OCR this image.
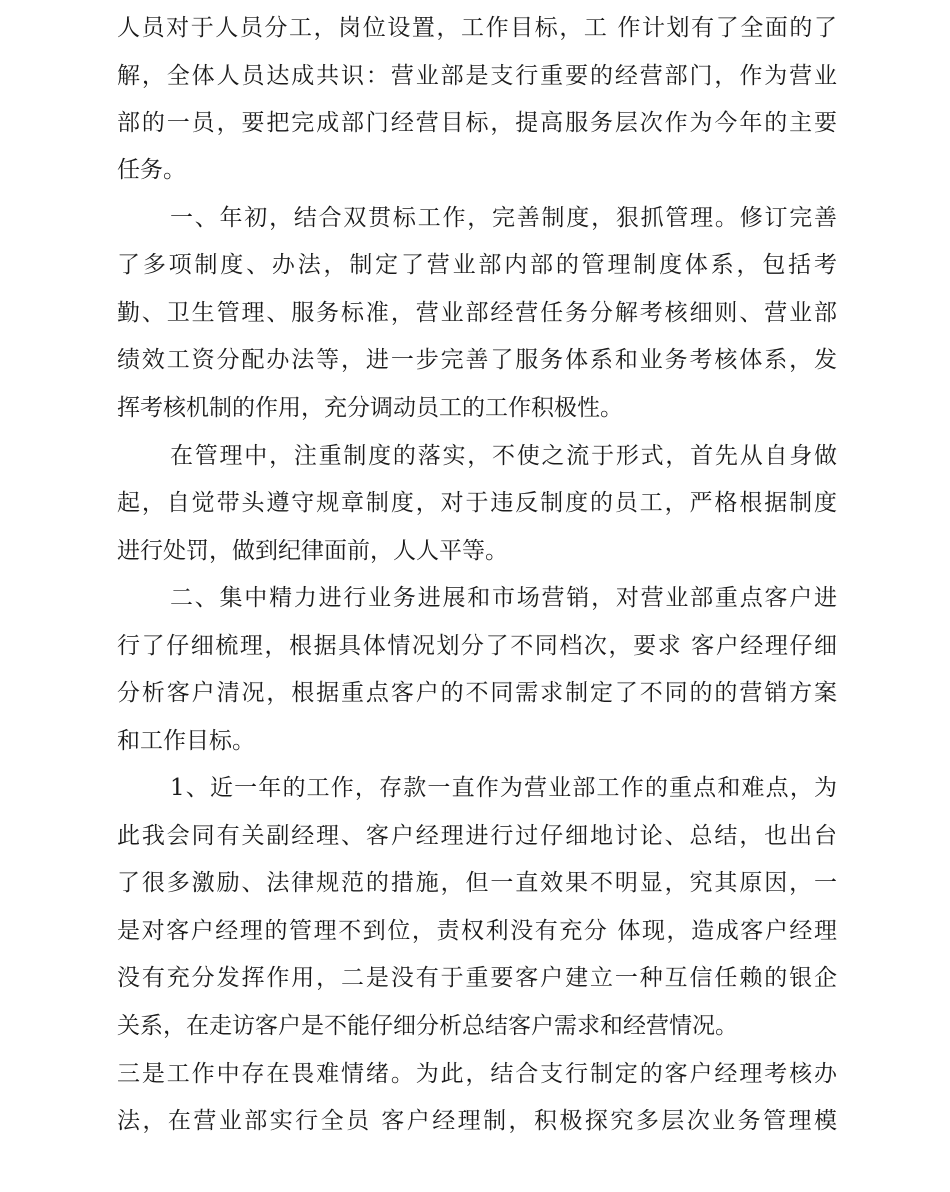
人员对于人员分工，岗位设置，工作目标，工 作计划有了全面的了
解，全体人员达成共识：营业部是支行重要的经营部门，作为营业
部的一员，要把完成部门经营目标，提高服务层次作为今年的主要
任务。
一、年初，结合双贯标工作，完善制度，狠抓管理。修订完善
了多项制度、办法，制定了营业部内部的管理制度体系，包括考
勤、卫生管理、服务标准，营业部经营任务分解考核细则、营业部
绩效工资分配办法等，进一步完善了服务体系和业务考核体系，发
挥考核机制的作用，充分调动员工的工作积极性。
在管理中，注重制度的落实，不使之流于形式，首先从自身做
起，自觉带头遵守规章制度，对于违反制度的员工，严格根据制度
进行处罚，做到纪律面前，人人平等。
二、集中精力进行业务进展和市场营销，对营业部重点客户进
行了仔细梳理，根据具体情况划分了不同档次，要求 客户经理仔细
分析客户清况，根据重点客户的不同需求制定了不同的的营销方案
和工作目标。
1、近一年的工作，存款一直作为营业部工作的重点和难点，为
此我会同有关副经理、客户经理进行过仔细地讨论、总结，也出台
了很多激励、法律规范的措施，但一直效果不明显，究其原因，一
是对客户经理的管理不到位，责权利没有充分 体现，造成客户经理
没有充分发挥作用，二是没有于重要客户建立一种互信任赖的银企
关系，在走访客户是不能仔细分析总结客户需求和经营情况。
三是工作中存在畏难情绪。为此，结合支行制定的客户经理考核办
法，在营业部实行全员 客户经理制，积极探究多层次业务管理模
